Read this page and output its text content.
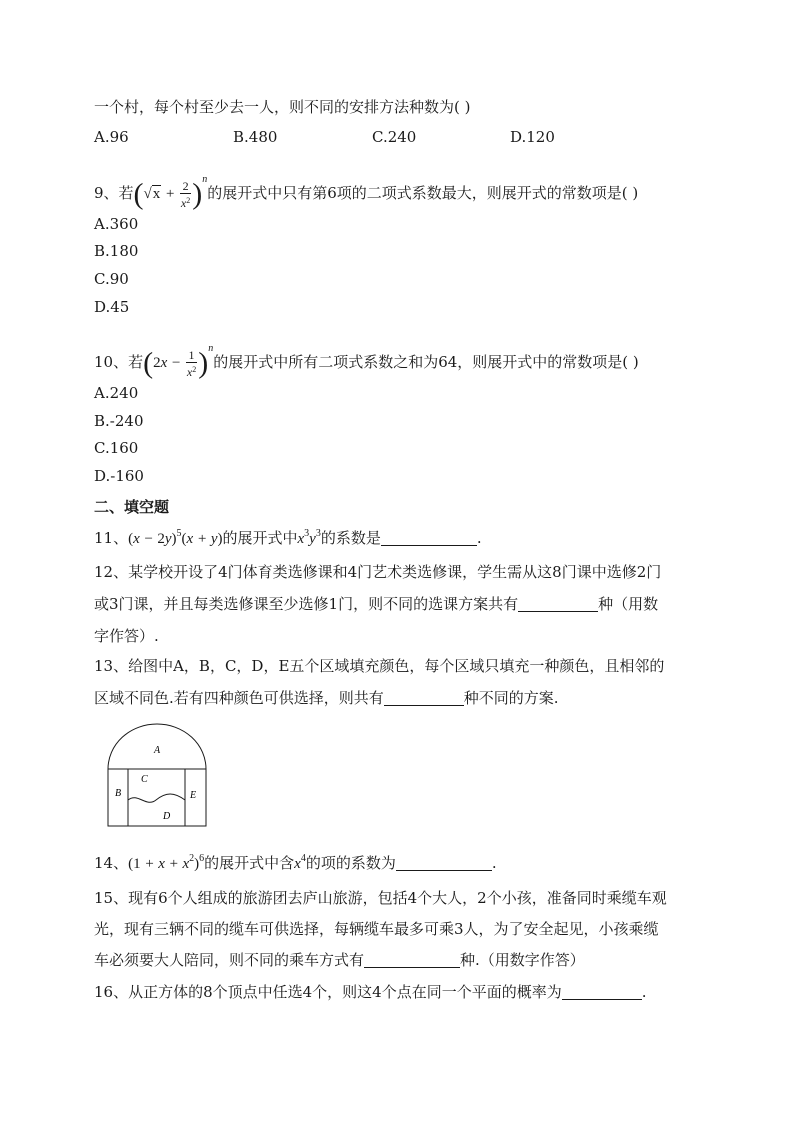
一个村，每个村至少去一人，则不同的安排方法种数为( )
A.96	B.480	C.240	D.120
9、若$(√x + \frac{2}{x^2} )^n$的展开式中只有第6项的二项式系数最大，则展开式的常数项是( )
A.360
B.180
C.90
D.45
10、若$(2x - \frac{1}{x^2} )^n$的展开式中所有二项式系数之和为64，则展开式中的常数项是( )
A.240
B.-240
C.160
D.-160
二、填空题
11、$(x - 2y)^5(x + y)$的展开式中$x^3y^3$的系数是	.
12、某学校开设了4门体育类选修课和4门艺术类选修课，学生需从这8门课中选修2门
或3门课，并且每类选修课至少选修1门，则不同的选课方案共有	种（用数
字作答）.
13、给图中A，B，C，D，E五个区域填充颜色，每个区域只填充一种颜色，且相邻的
区域不同色.若有四种颜色可供选择，则共有	种不同的方案.
A
B
C
D
E
14、$(1 + x + x^2)^6$的展开式中含$x^4$的项的系数为	.
15、现有6个人组成的旅游团去庐山旅游，包括4个大人，2个小孩，准备同时乘缆车观
光，现有三辆不同的缆车可供选择，每辆缆车最多可乘3人，为了安全起见，小孩乘缆
车必须要大人陪同，则不同的乘车方式有	种.（用数字作答）
16、从正方体的8个顶点中任选4个，则这4个点在同一个平面的概率为	.
